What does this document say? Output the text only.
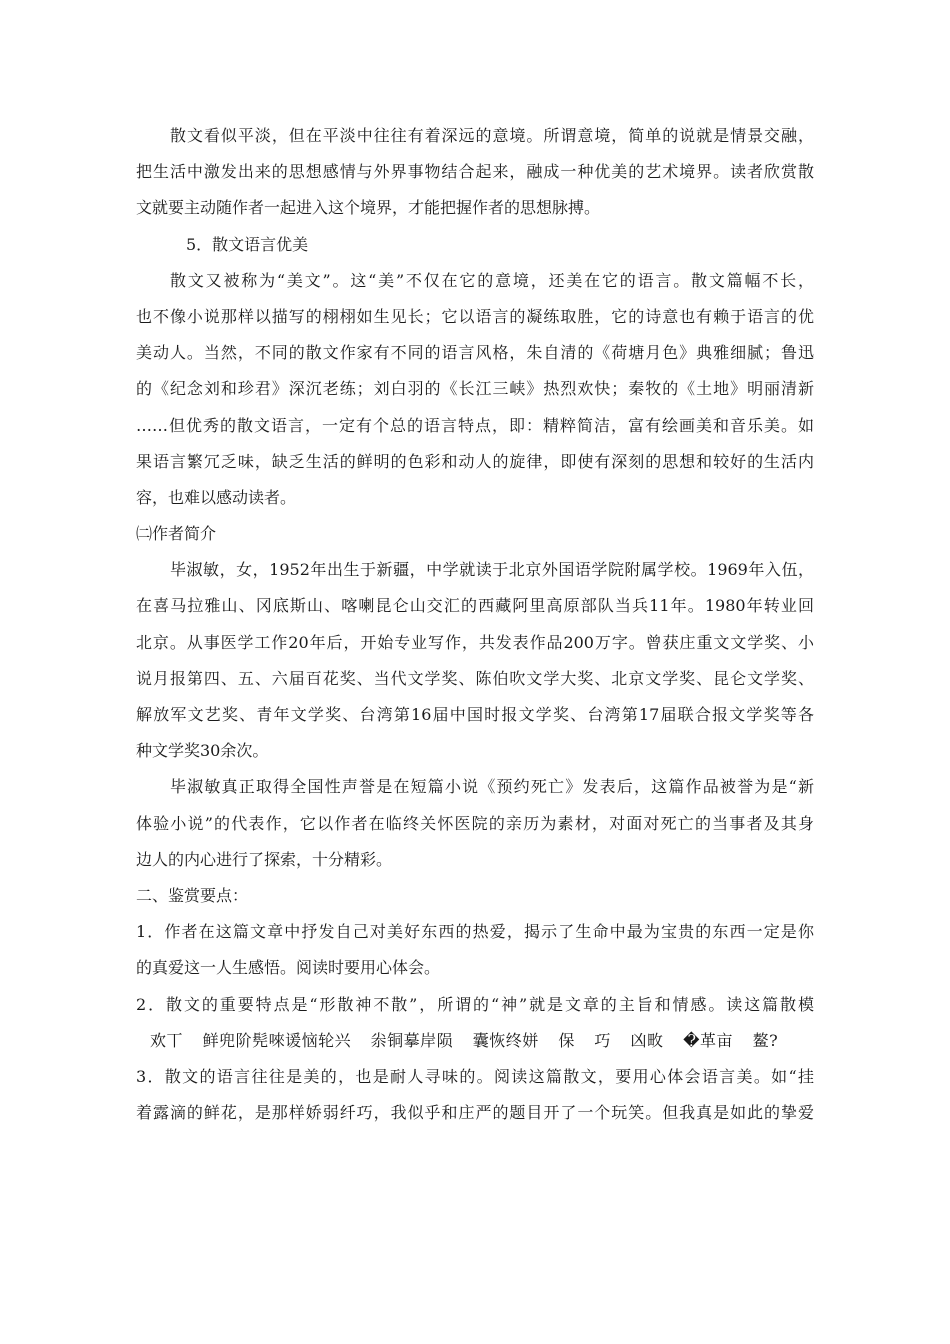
散文看似平淡，但在平淡中往往有着深远的意境。所谓意境，简单的说就是情景交融，
把生活中激发出来的思想感情与外界事物结合起来，融成一种优美的艺术境界。读者欣赏散
文就要主动随作者一起进入这个境界，才能把握作者的思想脉搏。
5．散文语言优美
散文又被称为“美文”。这“美”不仅在它的意境，还美在它的语言。散文篇幅不长，
也不像小说那样以描写的栩栩如生见长；它以语言的凝练取胜，它的诗意也有赖于语言的优
美动人。当然，不同的散文作家有不同的语言风格，朱自清的《荷塘月色》典雅细腻；鲁迅
的《纪念刘和珍君》深沉老练；刘白羽的《长江三峡》热烈欢快；秦牧的《土地》明丽清新
……但优秀的散文语言，一定有个总的语言特点，即：精粹简洁，富有绘画美和音乐美。如
果语言繁冗乏味，缺乏生活的鲜明的色彩和动人的旋律，即使有深刻的思想和较好的生活内
容，也难以感动读者。
㈡作者简介
毕淑敏，女，1952年出生于新疆，中学就读于北京外国语学院附属学校。1969年入伍，
在喜马拉雅山、冈底斯山、喀喇昆仑山交汇的西藏阿里高原部队当兵11年。1980年转业回
北京。从事医学工作20年后，开始专业写作，共发表作品200万字。曾获庄重文文学奖、小
说月报第四、五、六届百花奖、当代文学奖、陈伯吹文学大奖、北京文学奖、昆仑文学奖、
解放军文艺奖、青年文学奖、台湾第16届中国时报文学奖、台湾第17届联合报文学奖等各
种文学奖30余次。
毕淑敏真正取得全国性声誉是在短篇小说《预约死亡》发表后，这篇作品被誉为是“新
体验小说”的代表作，它以作者在临终关怀医院的亲历为素材，对面对死亡的当事者及其身
边人的内心进行了探索，十分精彩。
二、鉴赏要点：
1．作者在这篇文章中抒发自己对美好东西的热爱，揭示了生命中最为宝贵的东西一定是你
的真爱这一人生感悟。阅读时要用心体会。
2．散文的重要特点是“形散神不散”，所谓的“神”就是文章的主旨和情感。读这篇散模
欢丅 鲜兜阶髡唻谖恼轮兴 尜铜摹岸陨 囊恢终姘 保 巧 凶畋 �革亩 鳌?
3．散文的语言往往是美的，也是耐人寻味的。阅读这篇散文，要用心体会语言美。如“挂
着露滴的鲜花，是那样娇弱纤巧，我似乎和庄严的题目开了一个玩笑。但我真是如此的挚爱
